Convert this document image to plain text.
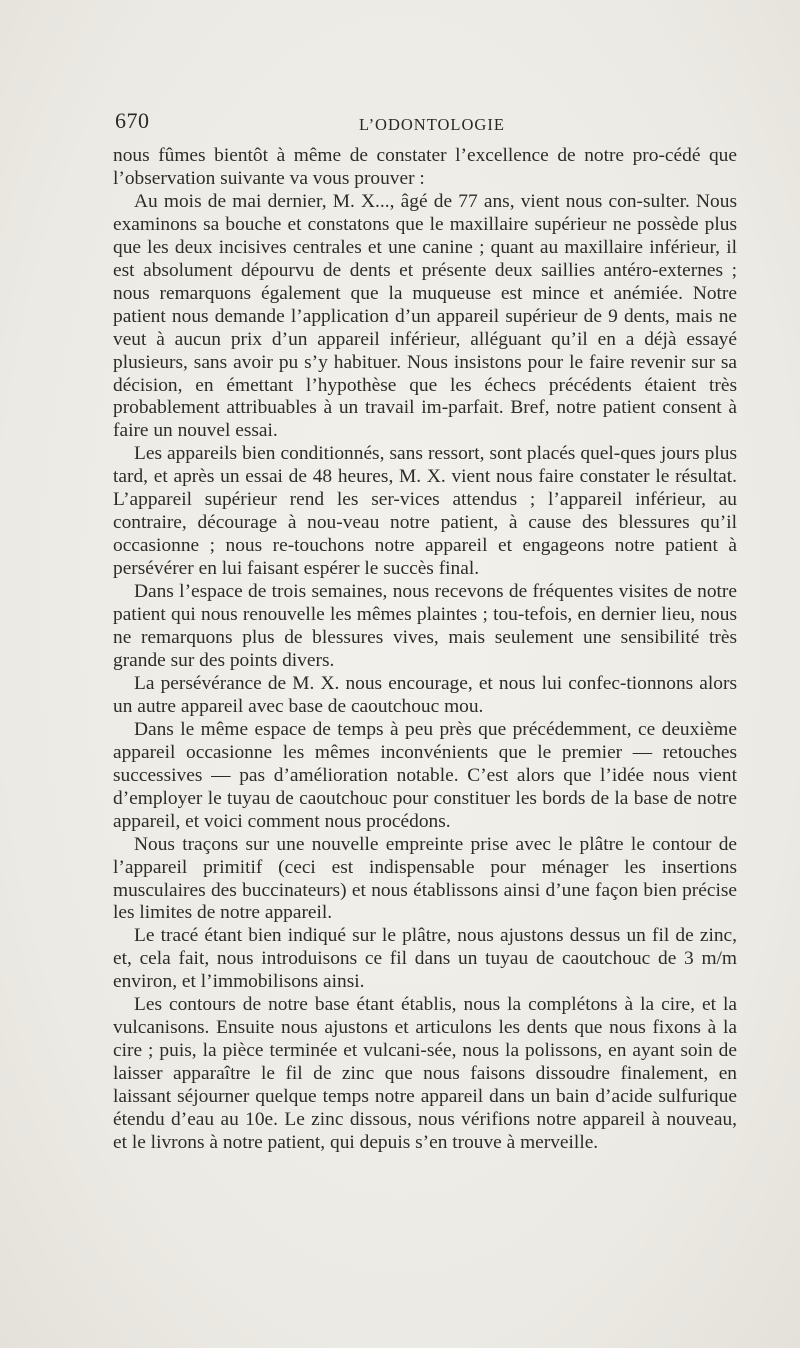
670	L’ODONTOLOGIE

nous fûmes bientôt à même de constater l’excellence de notre pro-cédé que l’observation suivante va vous prouver :

Au mois de mai dernier, M. X..., âgé de 77 ans, vient nous con-sulter. Nous examinons sa bouche et constatons que le maxillaire supérieur ne possède plus que les deux incisives centrales et une canine ; quant au maxillaire inférieur, il est absolument dépourvu de dents et présente deux saillies antéro-externes ; nous remarquons également que la muqueuse est mince et anémiée. Notre patient nous demande l’application d’un appareil supérieur de 9 dents, mais ne veut à aucun prix d’un appareil inférieur, alléguant qu’il en a déjà essayé plusieurs, sans avoir pu s’y habituer. Nous insistons pour le faire revenir sur sa décision, en émettant l’hypothèse que les échecs précédents étaient très probablement attribuables à un travail im-parfait. Bref, notre patient consent à faire un nouvel essai.

Les appareils bien conditionnés, sans ressort, sont placés quel-ques jours plus tard, et après un essai de 48 heures, M. X. vient nous faire constater le résultat. L’appareil supérieur rend les ser-vices attendus ; l’appareil inférieur, au contraire, décourage à nou-veau notre patient, à cause des blessures qu’il occasionne ; nous re-touchons notre appareil et engageons notre patient à persévérer en lui faisant espérer le succès final.

Dans l’espace de trois semaines, nous recevons de fréquentes visites de notre patient qui nous renouvelle les mêmes plaintes ; tou-tefois, en dernier lieu, nous ne remarquons plus de blessures vives, mais seulement une sensibilité très grande sur des points divers.

La persévérance de M. X. nous encourage, et nous lui confec-tionnons alors un autre appareil avec base de caoutchouc mou.

Dans le même espace de temps à peu près que précédemment, ce deuxième appareil occasionne les mêmes inconvénients que le premier — retouches successives — pas d’amélioration notable. C’est alors que l’idée nous vient d’employer le tuyau de caoutchouc pour constituer les bords de la base de notre appareil, et voici comment nous procédons.

Nous traçons sur une nouvelle empreinte prise avec le plâtre le contour de l’appareil primitif (ceci est indispensable pour ménager les insertions musculaires des buccinateurs) et nous établissons ainsi d’une façon bien précise les limites de notre appareil.

Le tracé étant bien indiqué sur le plâtre, nous ajustons dessus un fil de zinc, et, cela fait, nous introduisons ce fil dans un tuyau de caoutchouc de 3 m/m environ, et l’immobilisons ainsi.

Les contours de notre base étant établis, nous la complétons à la cire, et la vulcanisons. Ensuite nous ajustons et articulons les dents que nous fixons à la cire ; puis, la pièce terminée et vulcani-sée, nous la polissons, en ayant soin de laisser apparaître le fil de zinc que nous faisons dissoudre finalement, en laissant séjourner quelque temps notre appareil dans un bain d’acide sulfurique étendu d’eau au 10e. Le zinc dissous, nous vérifions notre appareil à nouveau, et le livrons à notre patient, qui depuis s’en trouve à merveille.
